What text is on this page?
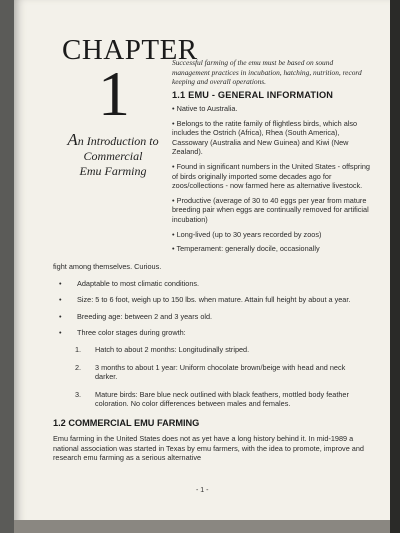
CHAPTER
1
An Introduction to
Commercial
Emu Farming
Successful farming of the emu must be based on sound management practices in incubation, hatching, nutrition, record keeping and overall operations.
1.1 EMU - GENERAL INFORMATION

• Native to Australia.

• Belongs to the ratite family of flightless birds, which also includes the Ostrich (Africa), Rhea (South America), Cassowary (Australia and New Guinea) and Kiwi (New Zealand).

• Found in significant numbers in the United States - offspring of birds originally imported some decades ago for zoos/collections - now farmed here as alternative livestock.

• Productive (average of 30 to 40 eggs per year from mature breeding pair when eggs are continually removed for artificial incubation)

• Long-lived (up to 30 years recorded by zoos)

• Temperament: generally docile, occasionally

fight among themselves. Curious.

•	Adaptable to most climatic conditions.
•	Size: 5 to 6 foot, weigh up to 150 lbs. when mature. Attain full height by about a year.
•	Breeding age: between 2 and 3 years old.
•	Three color stages during growth:
1.	Hatch to about 2 months: Longitudinally striped.
2.	3 months to about 1 year: Uniform chocolate brown/beige with head and neck darker.
3.	Mature birds: Bare blue neck outlined with black feathers, mottled body feather coloration. No color differences between males and females.
1.2 COMMERCIAL EMU FARMING
Emu farming in the United States does not as yet have a long history behind it. In mid-1989 a national association was started in Texas by emu farmers, with the idea to promote, improve and research emu farming as a serious alternative
- 1 -
